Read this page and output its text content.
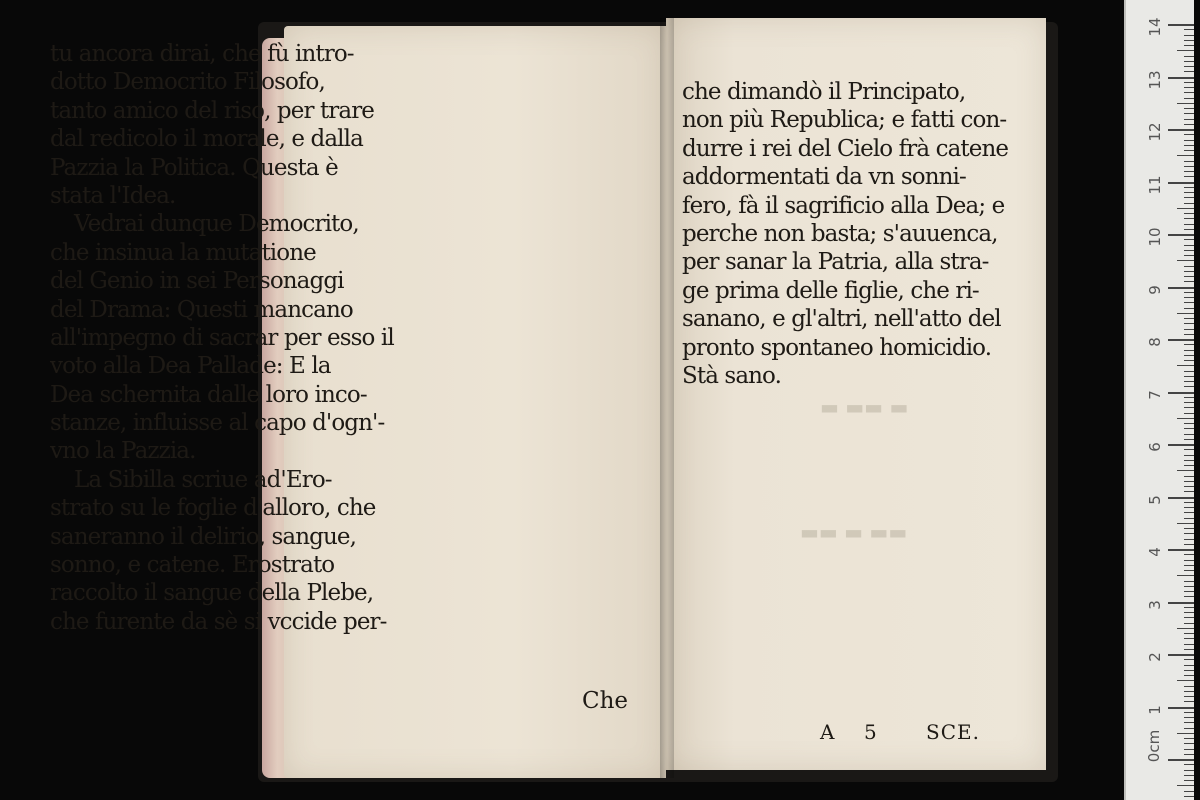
▬ ▬▬ ▬
▬▬ ▬ ▬▬
tu ancora dirai, che fù intro-
dotto Democrito Filosofo,
tanto amico del riso, per trare
dal redicolo il morale, e dalla
Pazzia la Politica. Questa è
stata l'Idea.
Vedrai dunque Democrito,
che insinua la mutatione
del Genio in sei Personaggi
del Drama: Questi mancano
all'impegno di sacrar per esso il
voto alla Dea Pallade: E la
Dea schernita dalle loro inco-
stanze, influisse al capo d'ogn'-
vno la Pazzia.
La Sibilla scriue ad'Ero-
strato su le foglie d'alloro, che
saneranno il delirio, sangue,
sonno, e catene. Erostrato
raccolto il sangue della Plebe,
che furente da sè si vccide per-
Che
che dimandò il Principato,
non più Republica; e fatti con-
durre i rei del Cielo frà catene
addormentati da vn sonni-
fero, fà il sagrificio alla Dea; e
perche non basta; s'auuenca,
per sanar la Patria, alla stra-
ge prima delle figlie, che ri-
sanano, e gl'altri, nell'atto del
pronto spontaneo homicidio.
Stà sano.
A 5 SCE.
14
13
12
11
10
9
8
7
6
5
4
3
2
1
0cm
